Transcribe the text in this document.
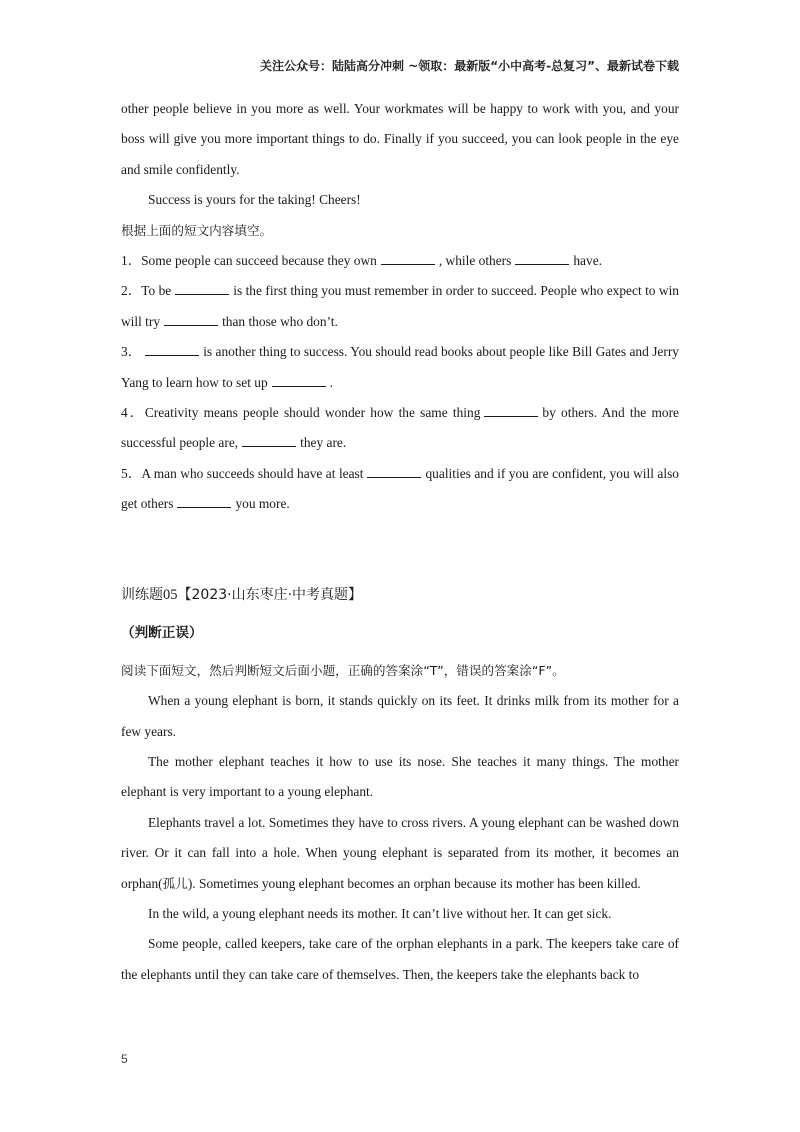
关注公众号：陆陆高分冲刺 ~领取：最新版“小中高考-总复习”、最新试卷下载

other people believe in you more as well. Your workmates will be happy to work with you, and your boss will give you more important things to do. Finally if you succeed, you can look people in the eye and smile confidently.

Success is yours for the taking! Cheers!

根据上面的短文内容填空。

1．Some people can succeed because they own	, while others	have.

2．To be	is the first thing you must remember in order to succeed. People who expect to win will try	than those who don’t.

3．	is another thing to success. You should read books about people like Bill Gates and Jerry Yang to learn how to set up	.

4．Creativity means people should wonder how the same thing	by others. And the more successful people are,	they are.

5．A man who succeeds should have at least	qualities and if you are confident, you will also get others	you more.

训练题05【2023·山东枣庄·中考真题】

（判断正误）

阅读下面短文，然后判断短文后面小题，正确的答案涂“T”，错误的答案涂“F”。

When a young elephant is born, it stands quickly on its feet. It drinks milk from its mother for a few years.

The mother elephant teaches it how to use its nose. She teaches it many things. The mother elephant is very important to a young elephant.

Elephants travel a lot. Sometimes they have to cross rivers. A young elephant can be washed down river. Or it can fall into a hole. When young elephant is separated from its mother, it becomes an orphan(孤儿). Sometimes young elephant becomes an orphan because its mother has been killed.

In the wild, a young elephant needs its mother. It can’t live without her. It can get sick.

Some people, called keepers, take care of the orphan elephants in a park. The keepers take care of the elephants until they can take care of themselves. Then, the keepers take the elephants back to

5
